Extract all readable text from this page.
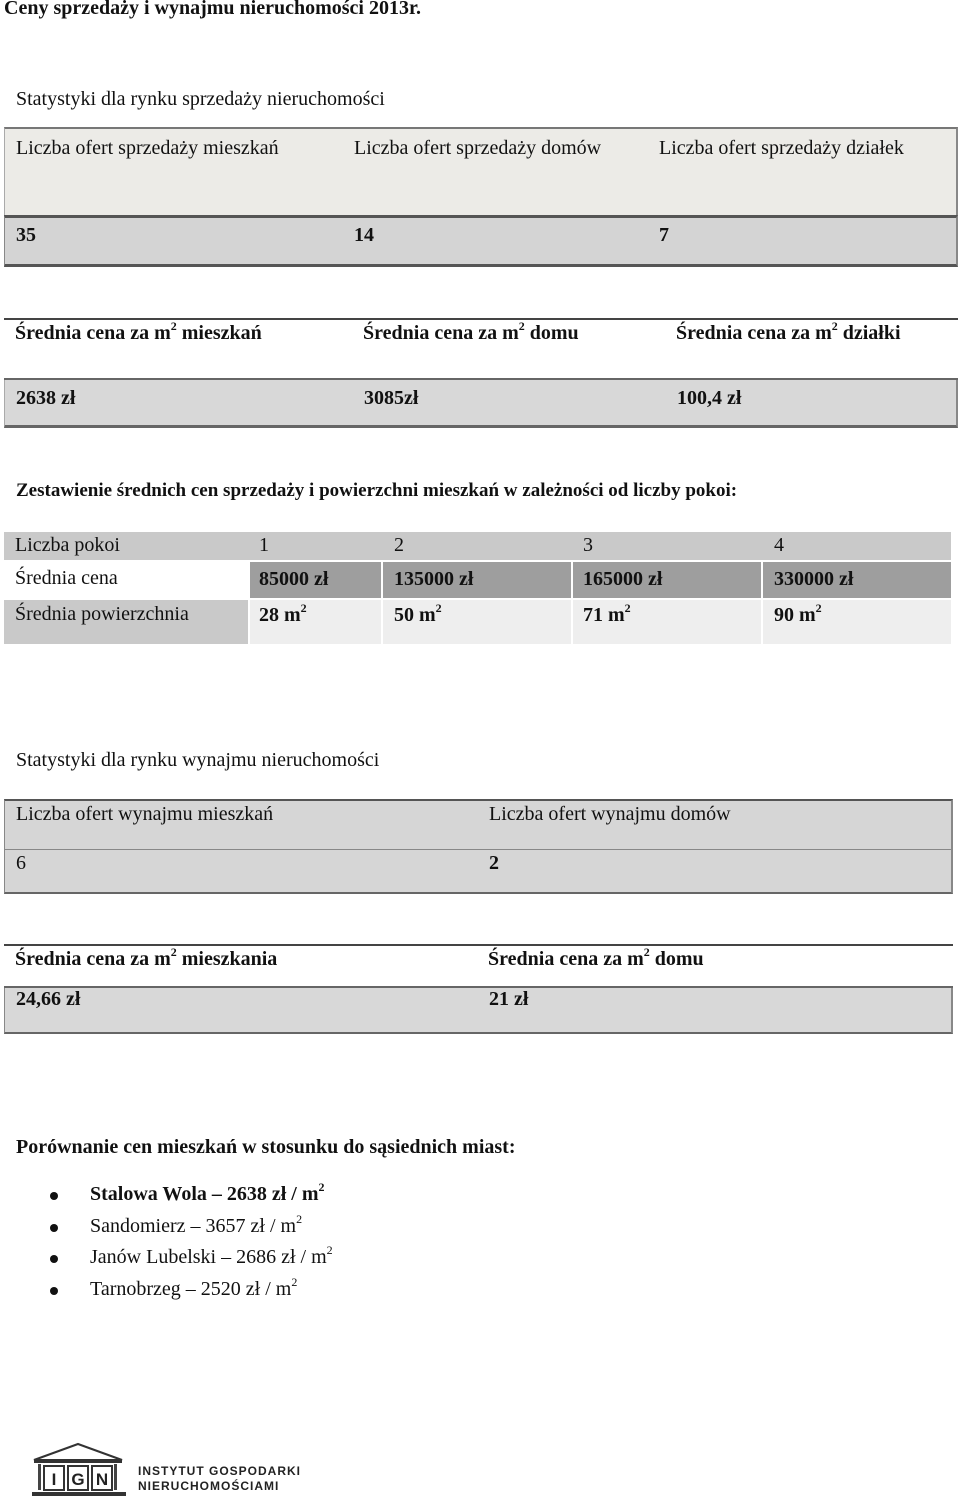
Ceny sprzedaży i wynajmu nieruchomości 2013r.
Statystyki dla rynku sprzedaży nieruchomości
Liczba ofert sprzedaży mieszkań	Liczba ofert sprzedaży domów	Liczba ofert sprzedaży działek
35	14	7
Średnia cena za $m^2$ mieszkań	Średnia cena za $m^2$ domu	Średnia cena za $m^2$ działki
2638 zł	3085zł	100,4 zł
Zestawienie średnich cen sprzedaży i powierzchni mieszkań w zależności od liczby pokoi:
Liczba pokoi	1	2	3	4
Średnia cena	85000 zł	135000 zł	165000 zł	330000 zł
Średnia powierzchnia	28 $m^2$	50 $m^2$	71 $m^2$	90 $m^2$
Statystyki dla rynku wynajmu nieruchomości
Liczba ofert wynajmu mieszkań	Liczba ofert wynajmu domów
6	2
Średnia cena za $m^2$ mieszkania	Średnia cena za $m^2$ domu
24,66 zł	21 zł
Porównanie cen mieszkań w stosunku do sąsiednich miast:
Stalowa Wola – 2638 zł / $m^2$
Sandomierz – 3657 zł / $m^2$
Janów Lubelski – 2686 zł / $m^2$
Tarnobrzeg – 2520 zł / $m^2$
I G N INSTYTUT GOSPODARKI
NIERUCHOMOŚCIAMI
